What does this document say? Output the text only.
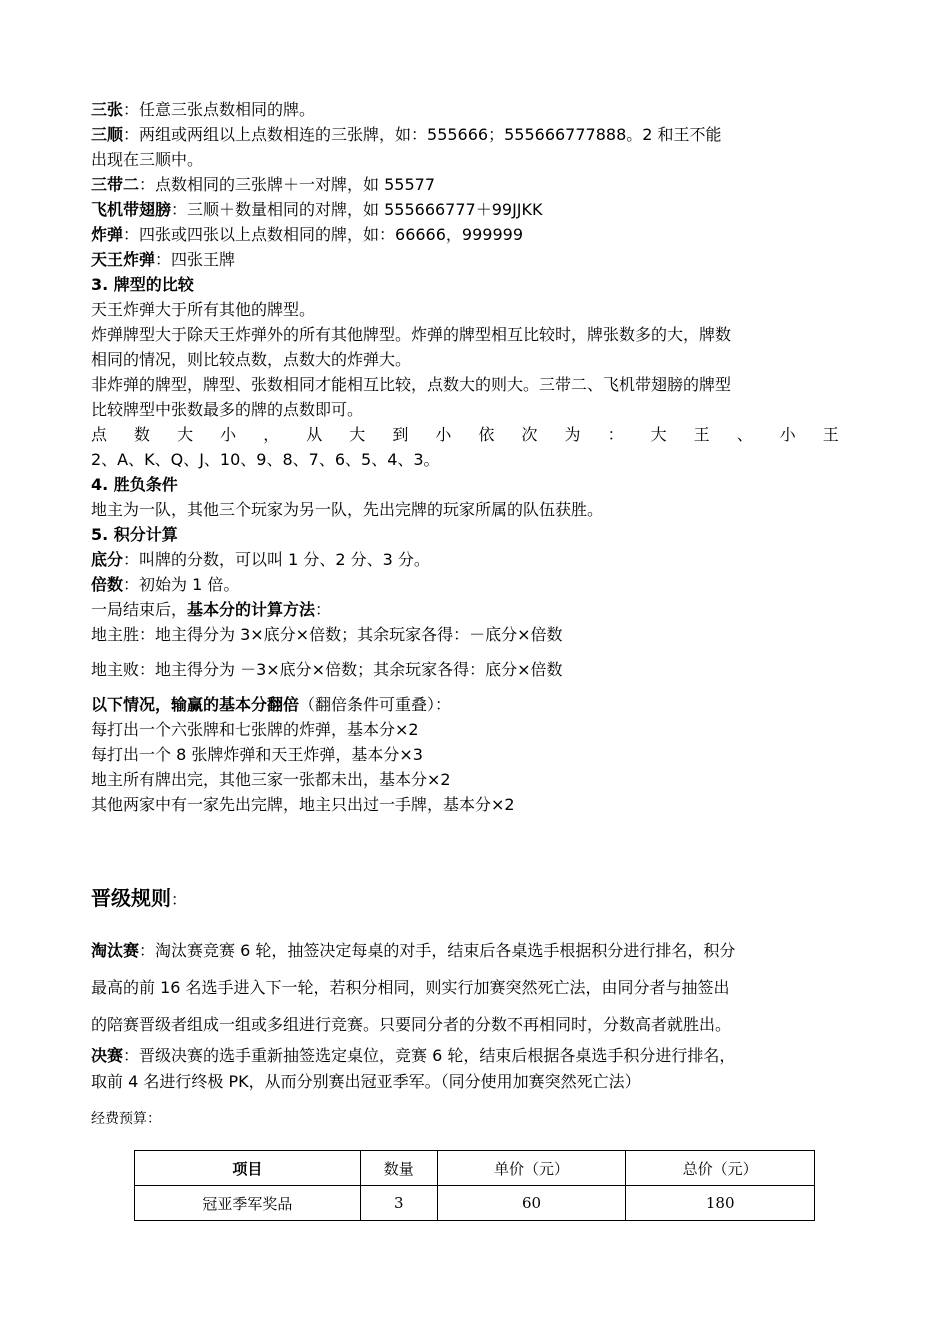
三张：任意三张点数相同的牌。
三顺：两组或两组以上点数相连的三张牌，如：555666；555666777888。2 和王不能
出现在三顺中。
三带二：点数相同的三张牌＋一对牌，如 55577
飞机带翅膀：三顺＋数量相同的对牌，如 555666777＋99JJKK
炸弹：四张或四张以上点数相同的牌，如：66666，999999
天王炸弹：四张王牌
3. 牌型的比较
天王炸弹大于所有其他的牌型。
炸弹牌型大于除天王炸弹外的所有其他牌型。炸弹的牌型相互比较时，牌张数多的大，牌数
相同的情况，则比较点数，点数大的炸弹大。
非炸弹的牌型，牌型、张数相同才能相互比较，点数大的则大。三带二、飞机带翅膀的牌型
比较牌型中张数最多的牌的点数即可。
点 数 大 小 ， 从 大 到 小 依 次 为 ： 大 王 、 小 王
2、A、K、Q、J、10、9、8、7、6、5、4、3。
4. 胜负条件
地主为一队，其他三个玩家为另一队，先出完牌的玩家所属的队伍获胜。
5. 积分计算
底分：叫牌的分数，可以叫 1 分、2 分、3 分。
倍数：初始为 1 倍。
一局结束后，基本分的计算方法：
地主胜：地主得分为 3×底分×倍数；其余玩家各得：－底分×倍数
地主败：地主得分为 －3×底分×倍数；其余玩家各得：底分×倍数
以下情况，输赢的基本分翻倍（翻倍条件可重叠）：
每打出一个六张牌和七张牌的炸弹，基本分×2
每打出一个 8 张牌炸弹和天王炸弹，基本分×3
地主所有牌出完，其他三家一张都未出，基本分×2
其他两家中有一家先出完牌，地主只出过一手牌，基本分×2
晋级规则：
淘汰赛：淘汰赛竞赛 6 轮，抽签决定每桌的对手，结束后各桌选手根据积分进行排名，积分
最高的前 16 名选手进入下一轮，若积分相同，则实行加赛突然死亡法，由同分者与抽签出
的陪赛晋级者组成一组或多组进行竞赛。只要同分者的分数不再相同时，分数高者就胜出。
决赛：晋级决赛的选手重新抽签选定桌位，竞赛 6 轮，结束后根据各桌选手积分进行排名，
取前 4 名进行终极 PK，从而分别赛出冠亚季军。（同分使用加赛突然死亡法）
经费预算：
项目	数量	单价（元）	总价（元）
冠亚季军奖品	3	60	180
